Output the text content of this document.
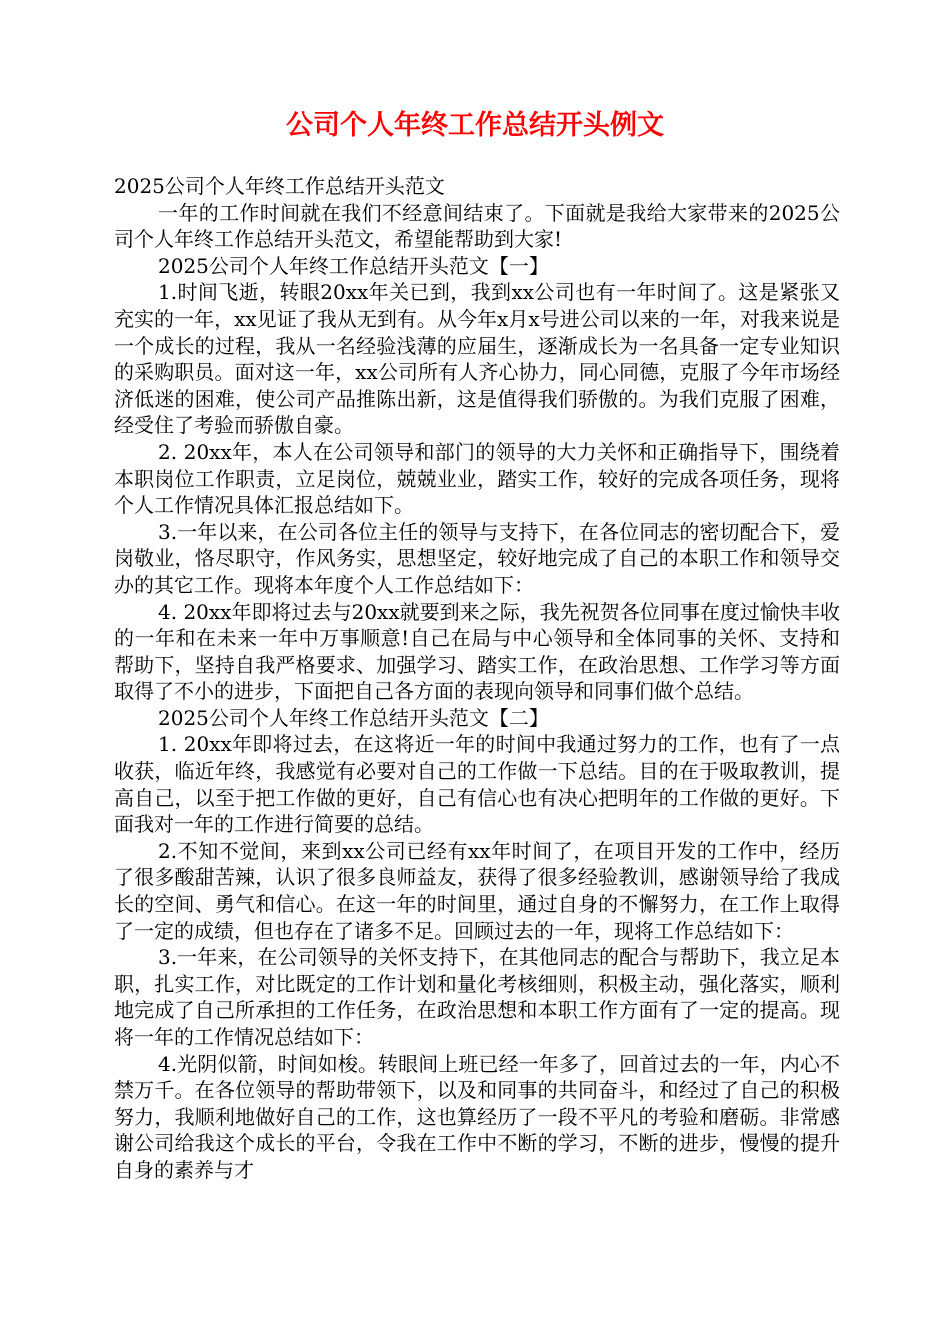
公司个人年终工作总结开头例文

2025公司个人年终工作总结开头范文

一年的工作时间就在我们不经意间结束了。下面就是我给大家带来的2025公司个人年终工作总结开头范文，希望能帮助到大家!

2025公司个人年终工作总结开头范文【一】

1.时间飞逝，转眼20xx年关已到，我到xx公司也有一年时间了。这是紧张又充实的一年，xx见证了我从无到有。从今年x月x号进公司以来的一年，对我来说是一个成长的过程，我从一名经验浅薄的应届生，逐渐成长为一名具备一定专业知识的采购职员。面对这一年，xx公司所有人齐心协力，同心同德，克服了今年市场经济低迷的困难，使公司产品推陈出新，这是值得我们骄傲的。为我们克服了困难，经受住了考验而骄傲自豪。

2. 20xx年，本人在公司领导和部门的领导的大力关怀和正确指导下，围绕着本职岗位工作职责，立足岗位，兢兢业业，踏实工作，较好的完成各项任务，现将个人工作情况具体汇报总结如下。

3.一年以来，在公司各位主任的领导与支持下，在各位同志的密切配合下，爱岗敬业，恪尽职守，作风务实，思想坚定，较好地完成了自己的本职工作和领导交办的其它工作。现将本年度个人工作总结如下：

4. 20xx年即将过去与20xx就要到来之际，我先祝贺各位同事在度过愉快丰收的一年和在未来一年中万事顺意!自己在局与中心领导和全体同事的关怀、支持和帮助下，坚持自我严格要求、加强学习、踏实工作，在政治思想、工作学习等方面取得了不小的进步，下面把自己各方面的表现向领导和同事们做个总结。

2025公司个人年终工作总结开头范文【二】

1. 20xx年即将过去，在这将近一年的时间中我通过努力的工作，也有了一点收获，临近年终，我感觉有必要对自己的工作做一下总结。目的在于吸取教训，提高自己，以至于把工作做的更好，自己有信心也有决心把明年的工作做的更好。下面我对一年的工作进行简要的总结。

2.不知不觉间，来到xx公司已经有xx年时间了，在项目开发的工作中，经历了很多酸甜苦辣，认识了很多良师益友，获得了很多经验教训，感谢领导给了我成长的空间、勇气和信心。在这一年的时间里，通过自身的不懈努力，在工作上取得了一定的成绩，但也存在了诸多不足。回顾过去的一年，现将工作总结如下：

3.一年来，在公司领导的关怀支持下，在其他同志的配合与帮助下，我立足本职，扎实工作，对比既定的工作计划和量化考核细则，积极主动，强化落实，顺利地完成了自己所承担的工作任务，在政治思想和本职工作方面有了一定的提高。现将一年的工作情况总结如下：

4.光阴似箭，时间如梭。转眼间上班已经一年多了，回首过去的一年，内心不禁万千。在各位领导的帮助带领下，以及和同事的共同奋斗，和经过了自己的积极努力，我顺利地做好自己的工作，这也算经历了一段不平凡的考验和磨砺。非常感谢公司给我这个成长的平台，令我在工作中不断的学习，不断的进步，慢慢的提升自身的素养与才
